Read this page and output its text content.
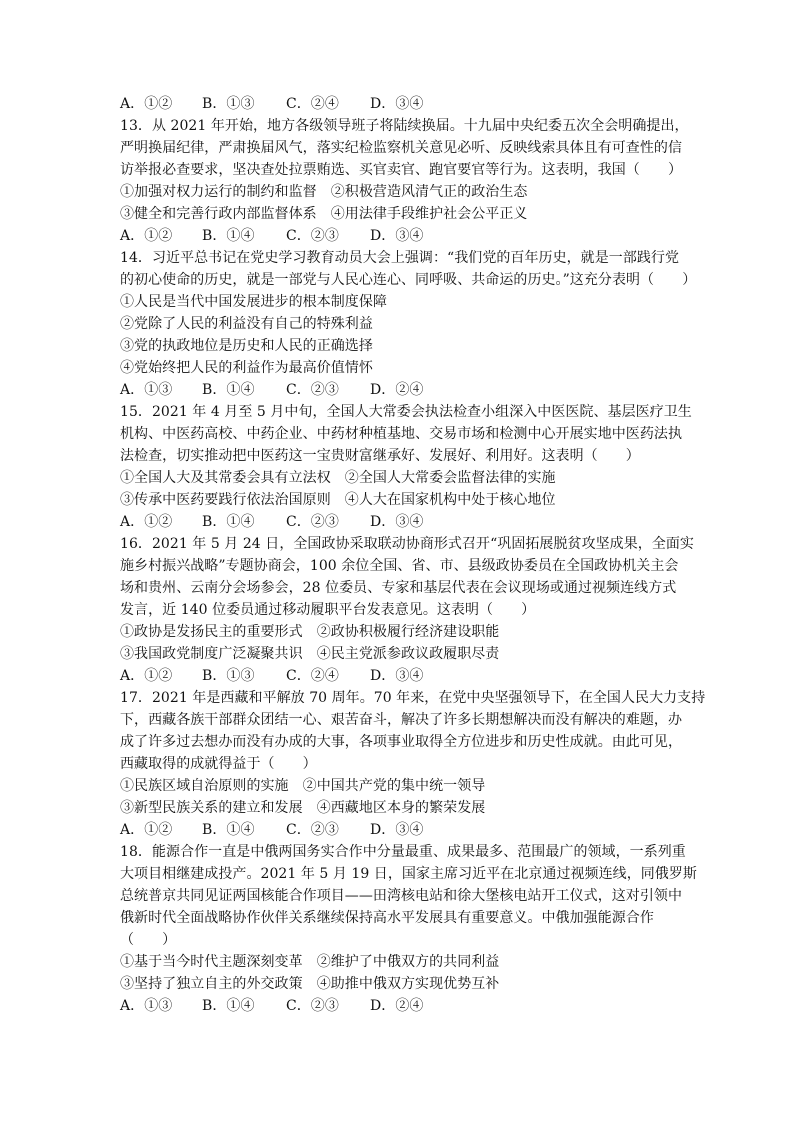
A．①② B．①③ C．②④ D．③④
13．从 2021 年开始，地方各级领导班子将陆续换届。十九届中央纪委五次全会明确提出，
严明换届纪律，严肃换届风气，落实纪检监察机关意见必听、反映线索具体且有可查性的信
访举报必查要求，坚决查处拉票贿选、买官卖官、跑官要官等行为。这表明，我国（　　）
①加强对权力运行的制约和监督　②积极营造风清气正的政治生态
③健全和完善行政内部监督体系　④用法律手段维护社会公平正义
A．①② B．①④ C．②③ D．③④
14．习近平总书记在党史学习教育动员大会上强调：“我们党的百年历史，就是一部践行党
的初心使命的历史，就是一部党与人民心连心、同呼吸、共命运的历史。”这充分表明（　　）
①人民是当代中国发展进步的根本制度保障
②党除了人民的利益没有自己的特殊利益
③党的执政地位是历史和人民的正确选择
④党始终把人民的利益作为最高价值情怀
A．①③ B．①④ C．②③ D．②④
15．2021 年 4 月至 5 月中旬，全国人大常委会执法检查小组深入中医医院、基层医疗卫生
机构、中医药高校、中药企业、中药材种植基地、交易市场和检测中心开展实地中医药法执
法检查，切实推动把中医药这一宝贵财富继承好、发展好、利用好。这表明（　　）
①全国人大及其常委会具有立法权　②全国人大常委会监督法律的实施
③传承中医药要践行依法治国原则　④人大在国家机构中处于核心地位
A．①② B．①④ C．②③ D．③④
16．2021 年 5 月 24 日，全国政协采取联动协商形式召开“巩固拓展脱贫攻坚成果，全面实
施乡村振兴战略”专题协商会，100 余位全国、省、市、县级政协委员在全国政协机关主会
场和贵州、云南分会场参会，28 位委员、专家和基层代表在会议现场或通过视频连线方式
发言，近 140 位委员通过移动履职平台发表意见。这表明（　　）
①政协是发扬民主的重要形式　②政协积极履行经济建设职能
③我国政党制度广泛凝聚共识　④民主党派参政议政履职尽责
A．①② B．①③ C．②④ D．③④
17．2021 年是西藏和平解放 70 周年。70 年来，在党中央坚强领导下，在全国人民大力支持
下，西藏各族干部群众团结一心、艰苦奋斗，解决了许多长期想解决而没有解决的难题，办
成了许多过去想办而没有办成的大事，各项事业取得全方位进步和历史性成就。由此可见，
西藏取得的成就得益于（　　）
①民族区域自治原则的实施　②中国共产党的集中统一领导
③新型民族关系的建立和发展　④西藏地区本身的繁荣发展
A．①② B．①④ C．②③ D．③④
18．能源合作一直是中俄两国务实合作中分量最重、成果最多、范围最广的领域，一系列重
大项目相继建成投产。2021 年 5 月 19 日，国家主席习近平在北京通过视频连线，同俄罗斯
总统普京共同见证两国核能合作项目——田湾核电站和徐大堡核电站开工仪式，这对引领中
俄新时代全面战略协作伙伴关系继续保持高水平发展具有重要意义。中俄加强能源合作
（　　）
①基于当今时代主题深刻变革　②维护了中俄双方的共同利益
③坚持了独立自主的外交政策　④助推中俄双方实现优势互补
A．①③ B．①④ C．②③ D．②④
